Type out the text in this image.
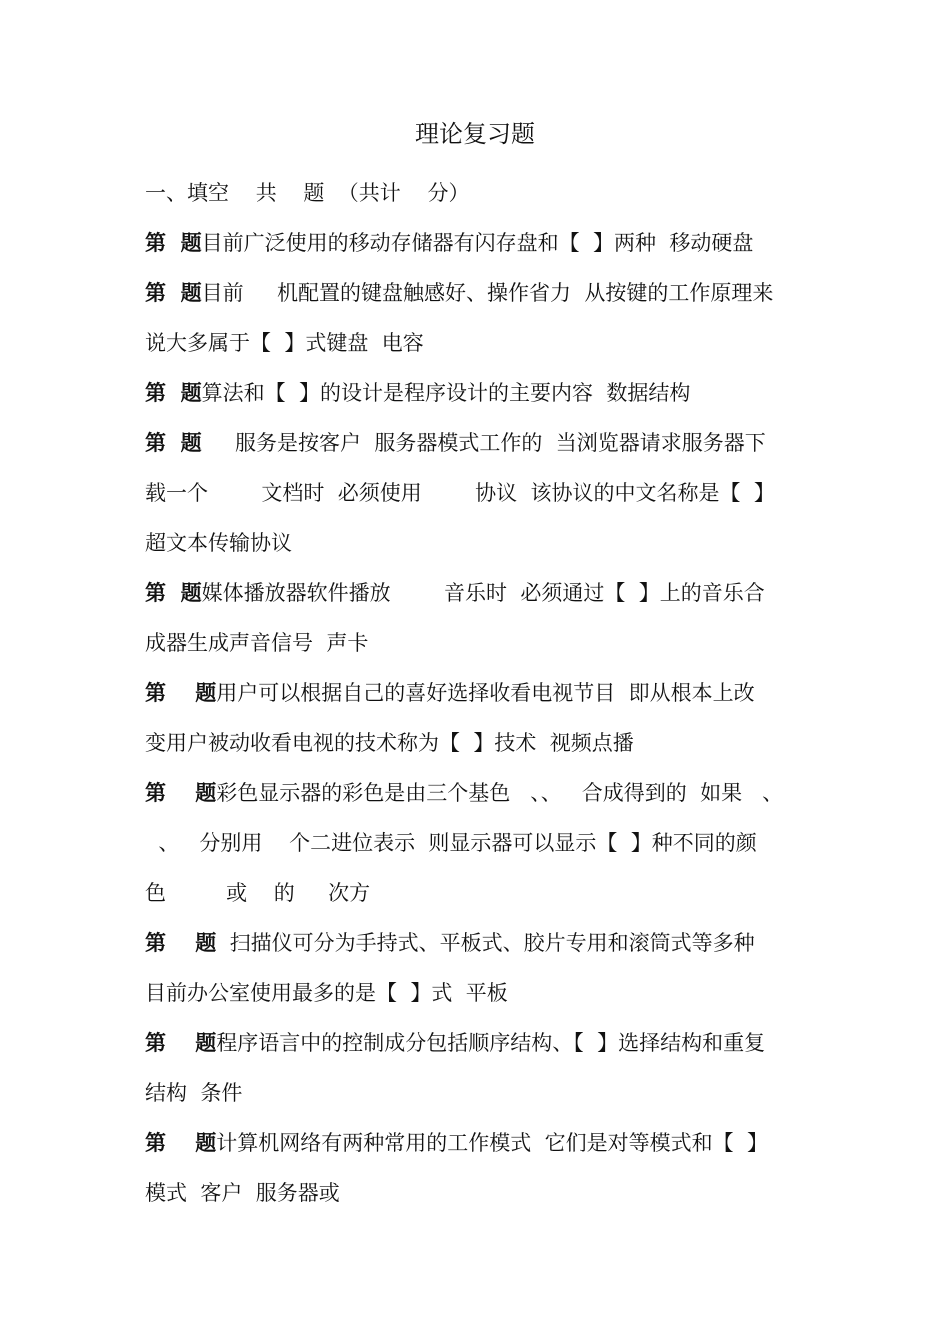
理论复习题
一、填空    共    题  （共计    分）
第  题目前广泛使用的移动存储器有闪存盘和【  】两种  移动硬盘
第  题目前     机配置的键盘触感好、操作省力  从按键的工作原理来
说大多属于【  】式键盘  电容
第  题算法和【  】的设计是程序设计的主要内容  数据结构
第  题     服务是按客户  服务器模式工作的  当浏览器请求服务器下
载一个        文档时  必须使用        协议  该协议的中文名称是【  】
超文本传输协议
第  题媒体播放器软件播放        音乐时  必须通过【  】上的音乐合
成器生成声音信号  声卡
第    题用户可以根据自己的喜好选择收看电视节目  即从根本上改
变用户被动收看电视的技术称为【  】技术  视频点播
第    题彩色显示器的彩色是由三个基色   、、   合成得到的  如果   、
、   分别用    个二进位表示  则显示器可以显示【  】种不同的颜
色         或    的     次方
第    题  扫描仪可分为手持式、平板式、胶片专用和滚筒式等多种
目前办公室使用最多的是【  】式  平板
第    题程序语言中的控制成分包括顺序结构、【  】选择结构和重复
结构  条件
第    题计算机网络有两种常用的工作模式  它们是对等模式和【  】
模式  客户  服务器或
